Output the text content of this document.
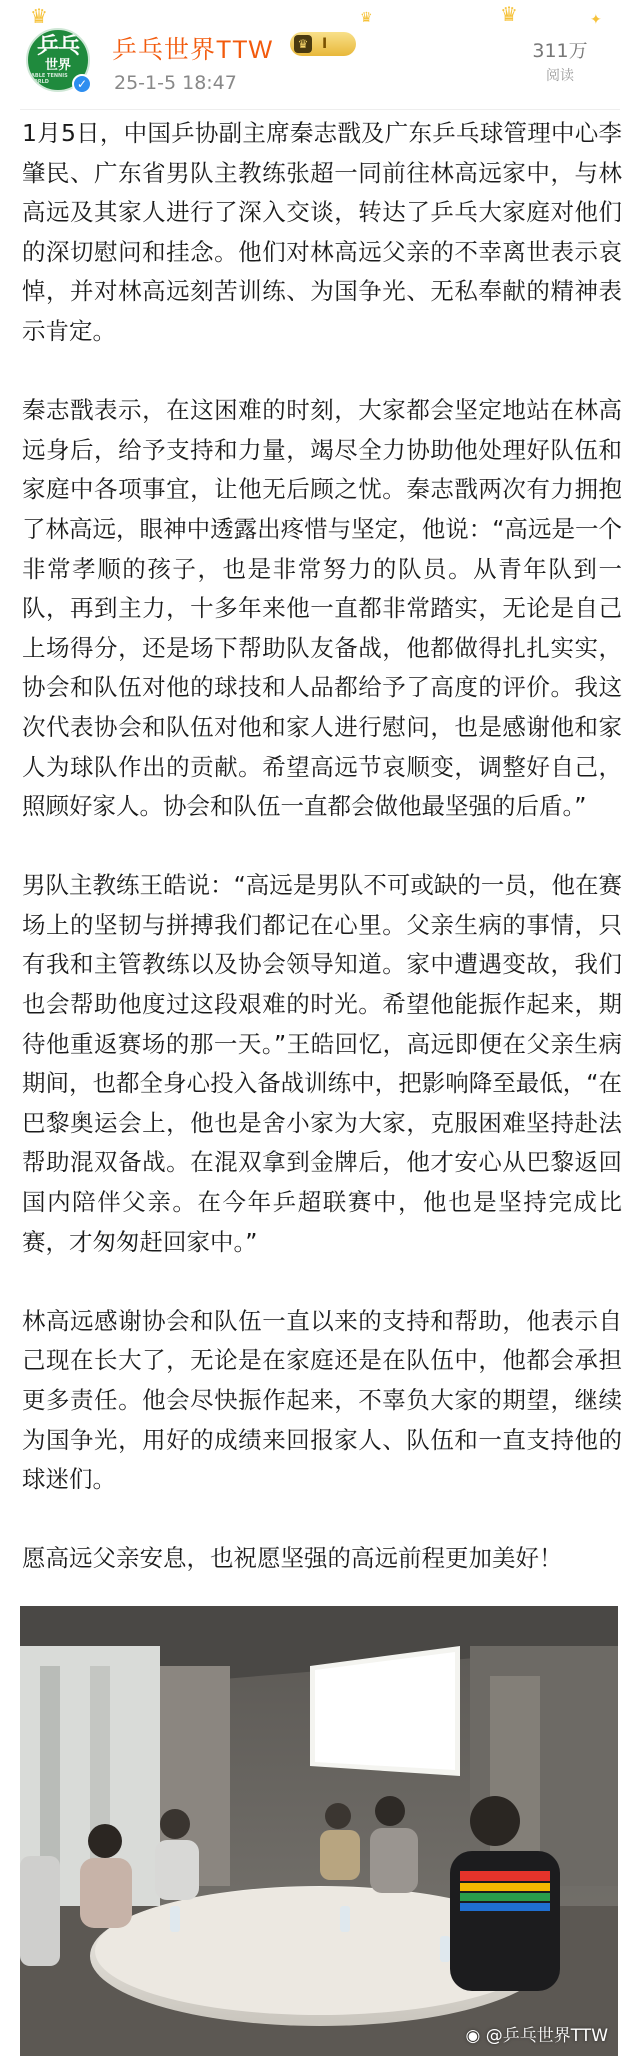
♛	♛	♛	✦
乒乓
世界
TABLE TENNIS WORLD	✓
乒乓世界TTW	♛ I
25-1-5 18:47
311万
阅读

1月5日，中国乒协副主席秦志戬及广东乒乓球管理中心李肇民、广东省男队主教练张超一同前往林高远家中，与林高远及其家人进行了深入交谈，转达了乒乓大家庭对他们的深切慰问和挂念。他们对林高远父亲的不幸离世表示哀悼，并对林高远刻苦训练、为国争光、无私奉献的精神表示肯定。

秦志戬表示，在这困难的时刻，大家都会坚定地站在林高远身后，给予支持和力量，竭尽全力协助他处理好队伍和家庭中各项事宜，让他无后顾之忧。秦志戬两次有力拥抱了林高远，眼神中透露出疼惜与坚定，他说：“高远是一个非常孝顺的孩子，也是非常努力的队员。从青年队到一队，再到主力，十多年来他一直都非常踏实，无论是自己上场得分，还是场下帮助队友备战，他都做得扎扎实实，协会和队伍对他的球技和人品都给予了高度的评价。我这次代表协会和队伍对他和家人进行慰问，也是感谢他和家人为球队作出的贡献。希望高远节哀顺变，调整好自己，照顾好家人。协会和队伍一直都会做他最坚强的后盾。”

男队主教练王皓说：“高远是男队不可或缺的一员，他在赛场上的坚韧与拼搏我们都记在心里。父亲生病的事情，只有我和主管教练以及协会领导知道。家中遭遇变故，我们也会帮助他度过这段艰难的时光。希望他能振作起来，期待他重返赛场的那一天。”王皓回忆，高远即便在父亲生病期间，也都全身心投入备战训练中，把影响降至最低，“在巴黎奥运会上，他也是舍小家为大家，克服困难坚持赴法帮助混双备战。在混双拿到金牌后，他才安心从巴黎返回国内陪伴父亲。在今年乒超联赛中，他也是坚持完成比赛，才匆匆赶回家中。”

林高远感谢协会和队伍一直以来的支持和帮助，他表示自己现在长大了，无论是在家庭还是在队伍中，他都会承担更多责任。他会尽快振作起来，不辜负大家的期望，继续为国争光，用好的成绩来回报家人、队伍和一直支持他的球迷们。

愿高远父亲安息，也祝愿坚强的高远前程更加美好！

◉ @乒乓世界TTW
